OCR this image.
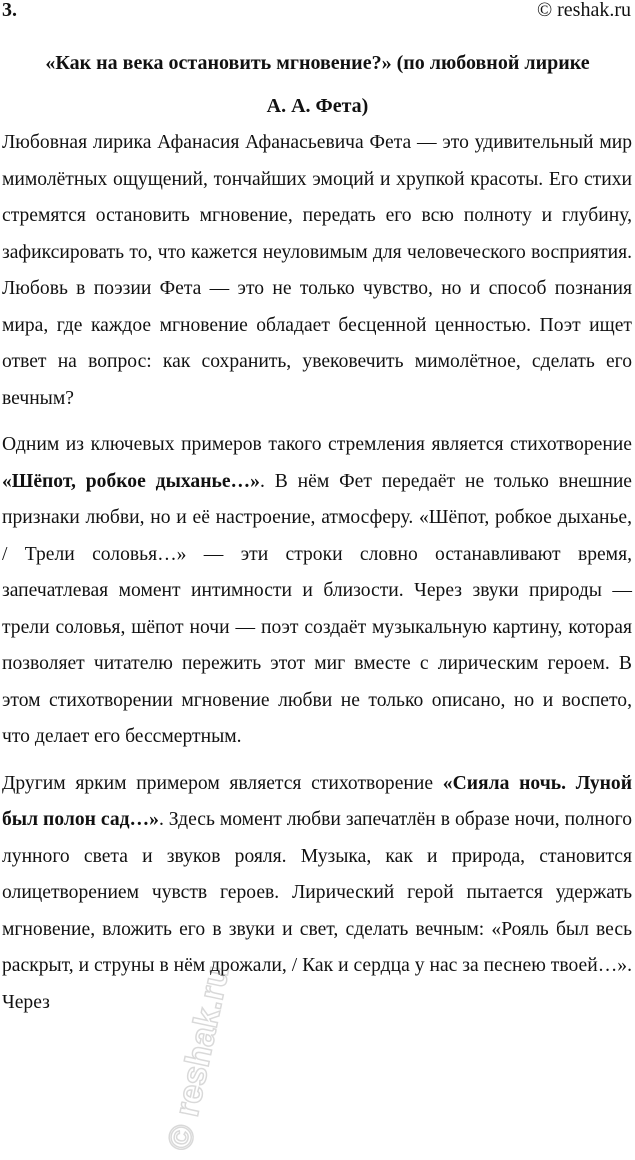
3.	© reshak.ru
«Как на века остановить мгновение?» (по любовной лирике
А. А. Фета)

Любовная лирика Афанасия Афанасьевича Фета — это удивительный мир мимолётных ощущений, тончайших эмоций и хрупкой красоты. Его стихи стремятся остановить мгновение, передать его всю полноту и глубину, зафиксировать то, что кажется неуловимым для человеческого восприятия. Любовь в поэзии Фета — это не только чувство, но и способ познания мира, где каждое мгновение обладает бесценной ценностью. Поэт ищет ответ на вопрос: как сохранить, увековечить мимолётное, сделать его вечным?

Одним из ключевых примеров такого стремления является стихотворение «Шёпот, робкое дыханье…». В нём Фет передаёт не только внешние признаки любви, но и её настроение, атмосферу. «Шёпот, робкое дыханье, / Трели соловья…» — эти строки словно останавливают время, запечатлевая момент интимности и близости. Через звуки природы — трели соловья, шёпот ночи — поэт создаёт музыкальную картину, которая позволяет читателю пережить этот миг вместе с лирическим героем. В этом стихотворении мгновение любви не только описано, но и воспето, что делает его бессмертным.

Другим ярким примером является стихотворение «Сияла ночь. Луной был полон сад…». Здесь момент любви запечатлён в образе ночи, полного лунного света и звуков рояля. Музыка, как и природа, становится олицетворением чувств героев. Лирический герой пытается удержать мгновение, вложить его в звуки и свет, сделать вечным: «Рояль был весь раскрыт, и струны в нём дрожали, / Как и сердца у нас за песнею твоей…». Через	© reshak.ru
